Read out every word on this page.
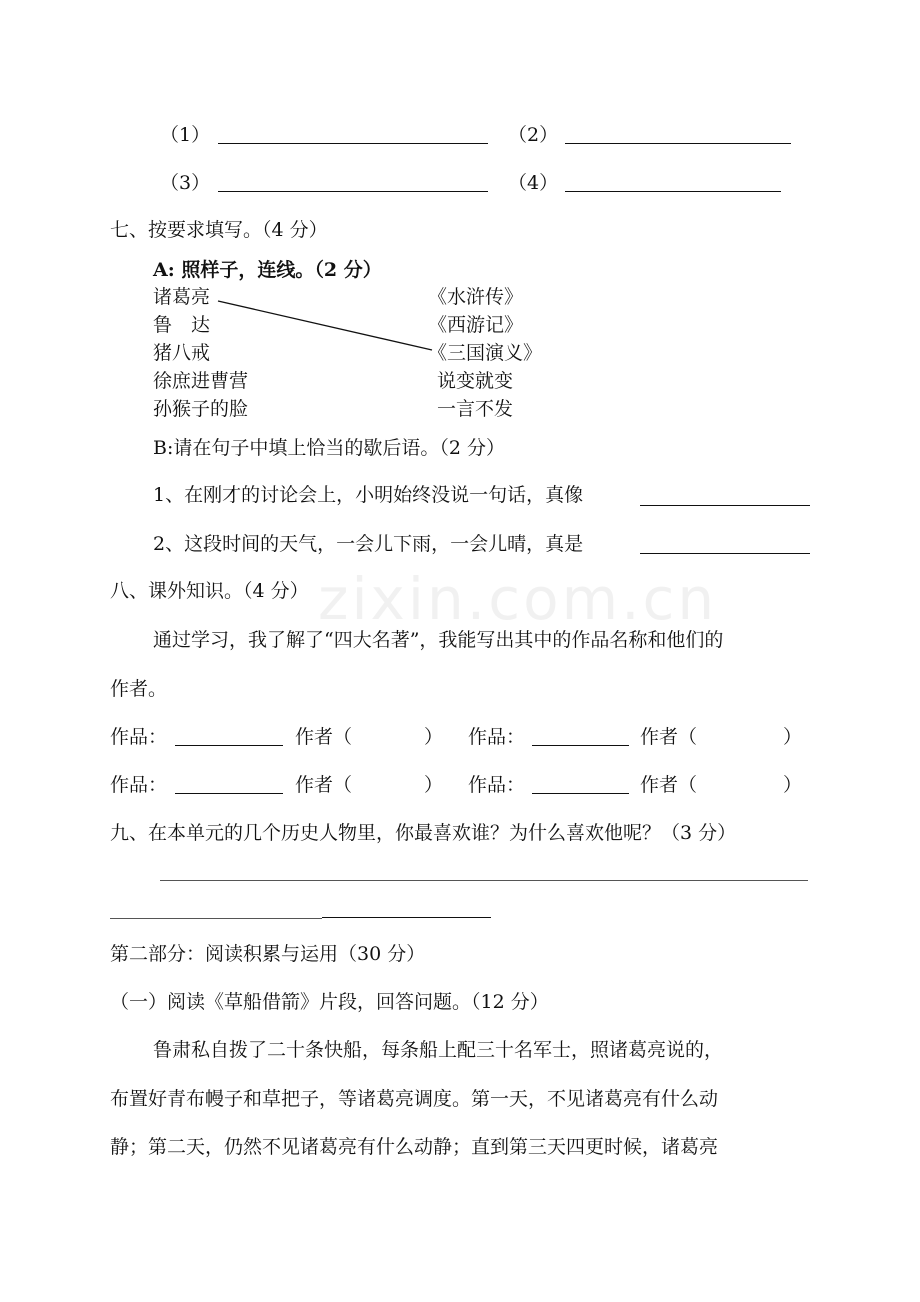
zixin.com.cn
（1）	（2）
（3）	（4）
七、按要求填写。（4 分）
A: 照样子，连线。（2 分）
诸葛亮
鲁　达
猪八戒
徐庶进曹营
孙猴子的脸
《水浒传》
《西游记》
《三国演义》
说变就变
一言不发
B:请在句子中填上恰当的歇后语。（2 分）
1、在刚才的讨论会上，小明始终没说一句话，真像
2、这段时间的天气，一会儿下雨，一会儿晴，真是
八、课外知识。（4 分）
通过学习，我了解了“四大名著”，我能写出其中的作品名称和他们的
作者。
作品：	作者（	） 作品：	作者（	）
作品：	作者（	） 作品：	作者（	）
九、在本单元的几个历史人物里，你最喜欢谁？为什么喜欢他呢？（3 分）
第二部分：阅读积累与运用（30 分）
（一）阅读《草船借箭》片段，回答问题。（12 分）
鲁肃私自拨了二十条快船，每条船上配三十名军士，照诸葛亮说的，
布置好青布幔子和草把子，等诸葛亮调度。第一天，不见诸葛亮有什么动
静；第二天，仍然不见诸葛亮有什么动静；直到第三天四更时候，诸葛亮
